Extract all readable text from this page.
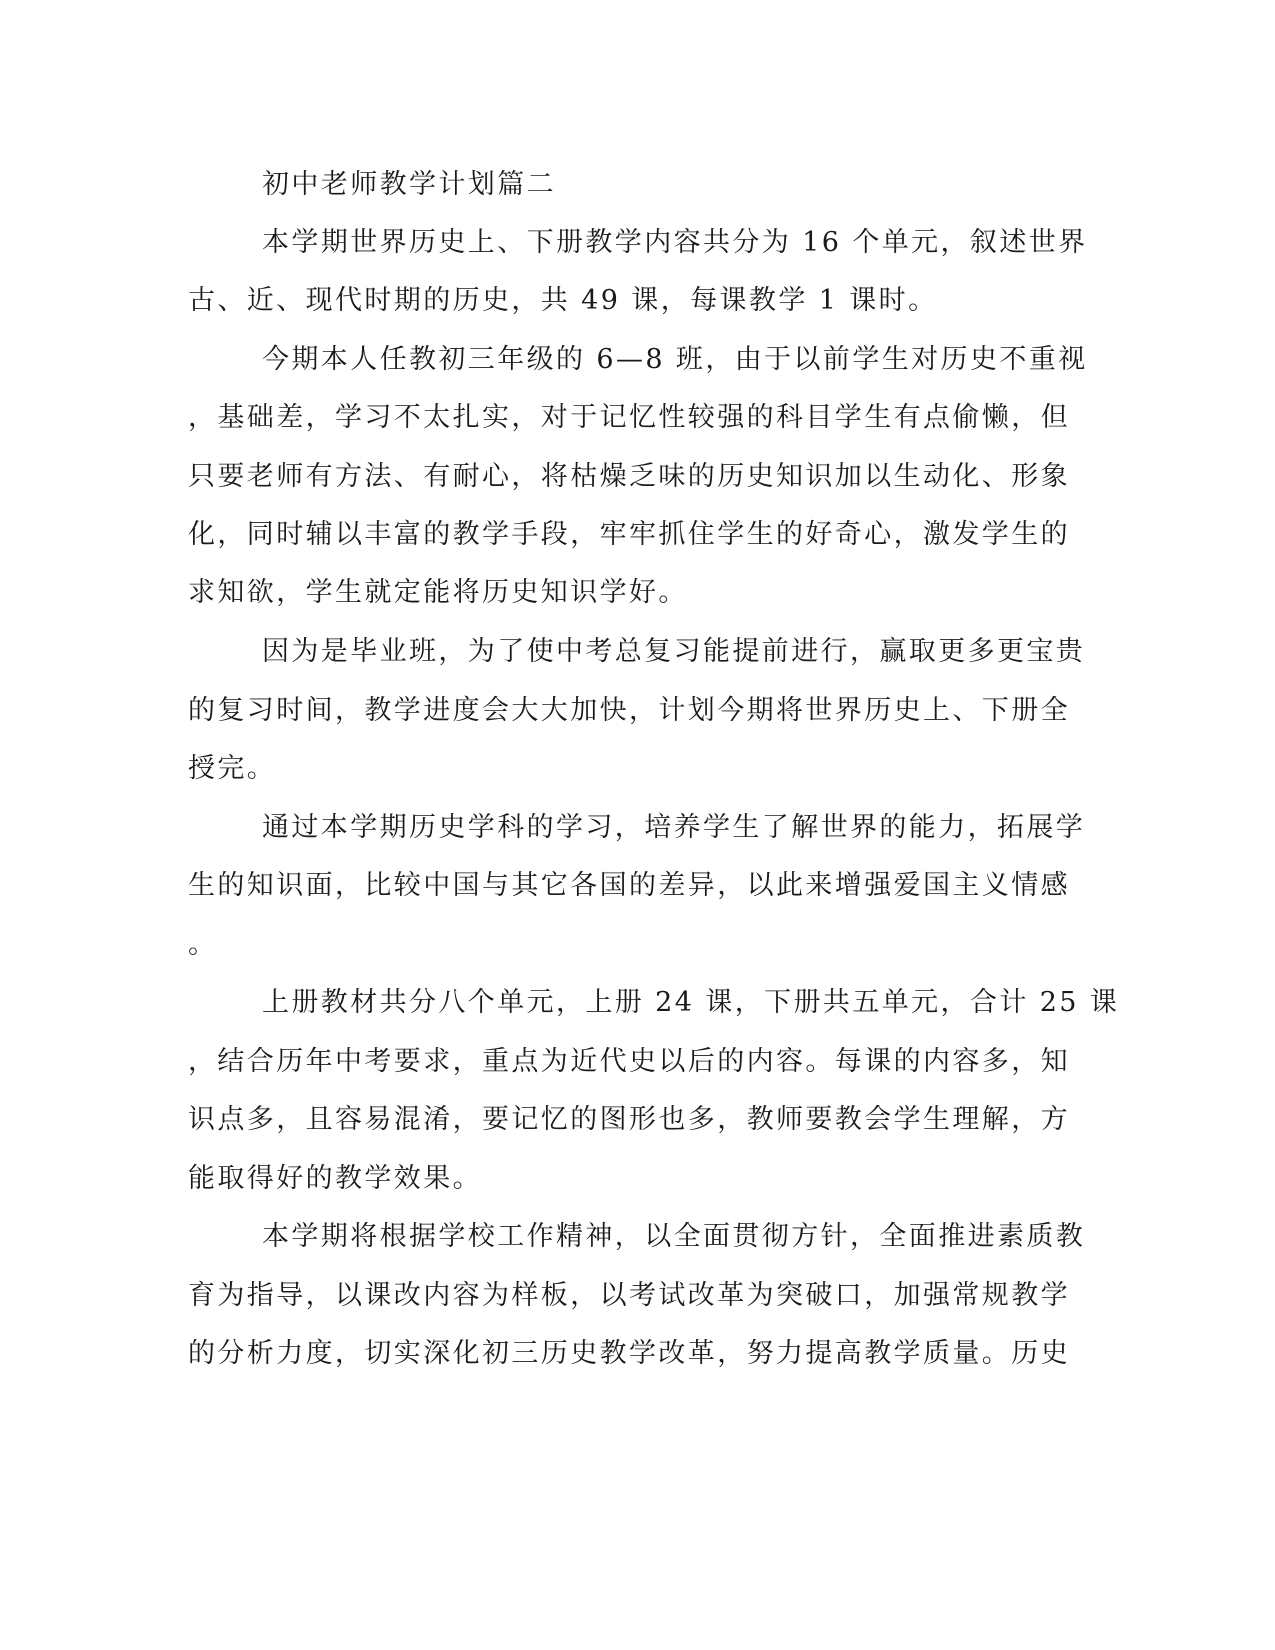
初中老师教学计划篇二
本学期世界历史上、下册教学内容共分为 16 个单元，叙述世界
古、近、现代时期的历史，共 49 课，每课教学 1 课时。
今期本人任教初三年级的 6—8 班，由于以前学生对历史不重视
，基础差，学习不太扎实，对于记忆性较强的科目学生有点偷懒，但
只要老师有方法、有耐心，将枯燥乏味的历史知识加以生动化、形象
化，同时辅以丰富的教学手段，牢牢抓住学生的好奇心，激发学生的
求知欲，学生就定能将历史知识学好。
因为是毕业班，为了使中考总复习能提前进行，赢取更多更宝贵
的复习时间，教学进度会大大加快，计划今期将世界历史上、下册全
授完。
通过本学期历史学科的学习，培养学生了解世界的能力，拓展学
生的知识面，比较中国与其它各国的差异，以此来增强爱国主义情感
。
上册教材共分八个单元，上册 24 课，下册共五单元，合计 25 课
，结合历年中考要求，重点为近代史以后的内容。每课的内容多，知
识点多，且容易混淆，要记忆的图形也多，教师要教会学生理解，方
能取得好的教学效果。
本学期将根据学校工作精神，以全面贯彻方针，全面推进素质教
育为指导，以课改内容为样板，以考试改革为突破口，加强常规教学
的分析力度，切实深化初三历史教学改革，努力提高教学质量。历史
